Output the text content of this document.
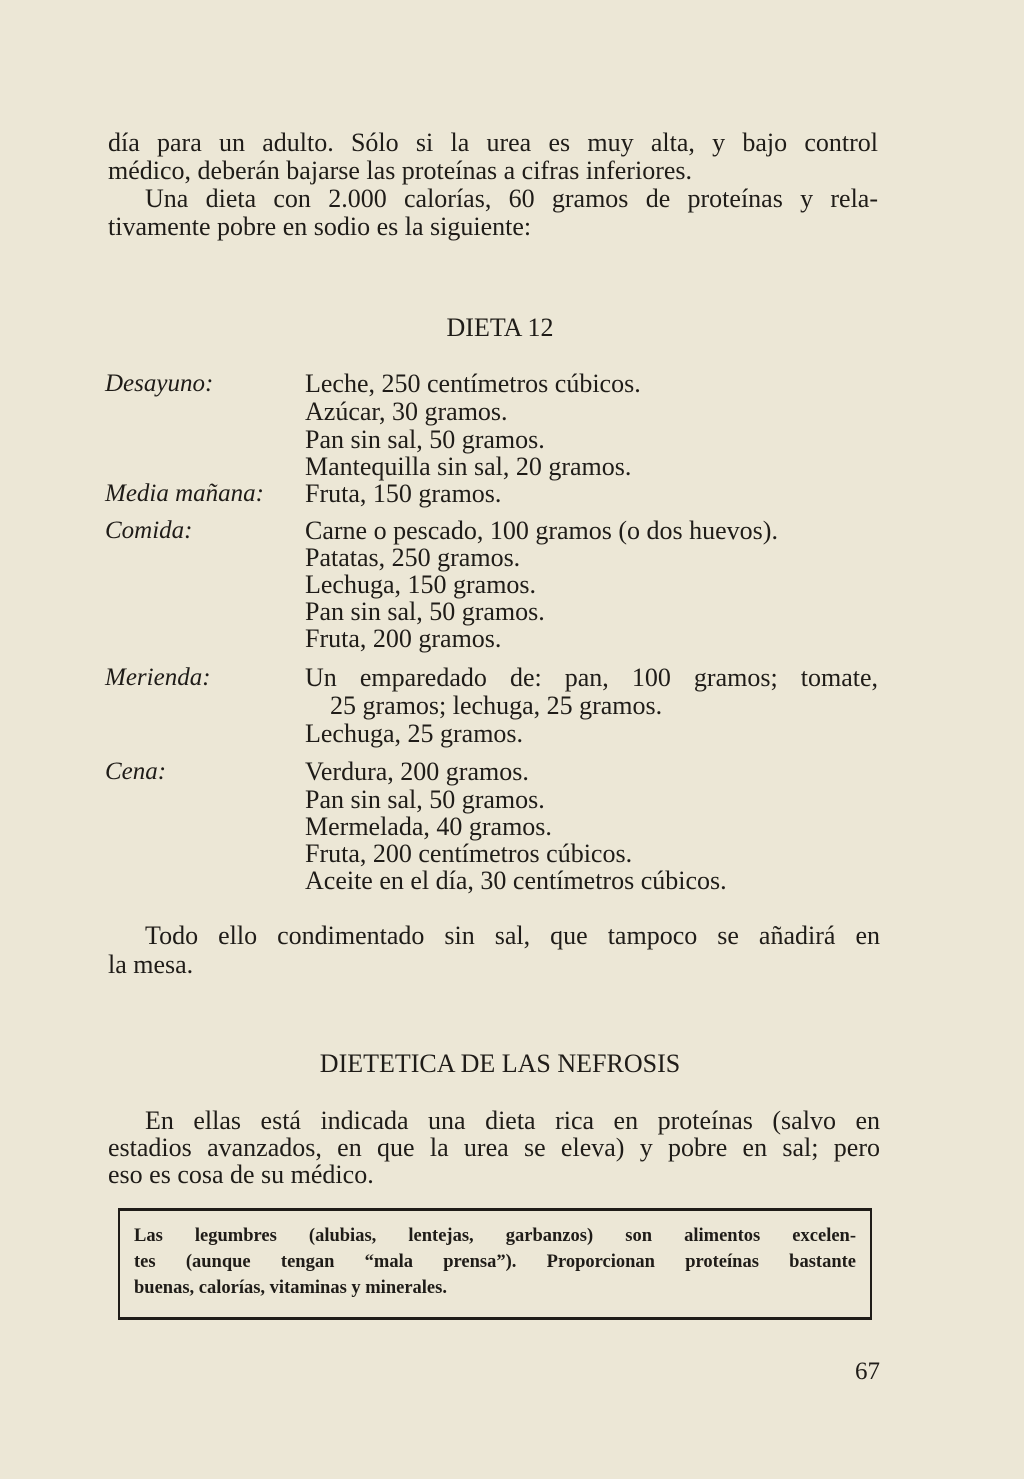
día para un adulto. Sólo si la urea es muy alta, y bajo control
médico, deberán bajarse las proteínas a cifras inferiores.
Una dieta con 2.000 calorías, 60 gramos de proteínas y rela-
tivamente pobre en sodio es la siguiente:
DIETA 12
Desayuno:	Leche, 250 centímetros cúbicos.
Azúcar, 30 gramos.
Pan sin sal, 50 gramos.
Mantequilla sin sal, 20 gramos.
Media mañana: Fruta, 150 gramos.
Comida:	Carne o pescado, 100 gramos (o dos huevos).
Patatas, 250 gramos.
Lechuga, 150 gramos.
Pan sin sal, 50 gramos.
Fruta, 200 gramos.
Merienda:	Un emparedado de: pan, 100 gramos; tomate,
25 gramos; lechuga, 25 gramos.
Lechuga, 25 gramos.
Cena:	Verdura, 200 gramos.
Pan sin sal, 50 gramos.
Mermelada, 40 gramos.
Fruta, 200 centímetros cúbicos.
Aceite en el día, 30 centímetros cúbicos.
Todo ello condimentado sin sal, que tampoco se añadirá en
la mesa.
DIETETICA DE LAS NEFROSIS
En ellas está indicada una dieta rica en proteínas (salvo en
estadios avanzados, en que la urea se eleva) y pobre en sal; pero
eso es cosa de su médico.
Las legumbres (alubias, lentejas, garbanzos) son alimentos excelen-
tes (aunque tengan “mala prensa”). Proporcionan proteínas bastante
buenas, calorías, vitaminas y minerales.
67
